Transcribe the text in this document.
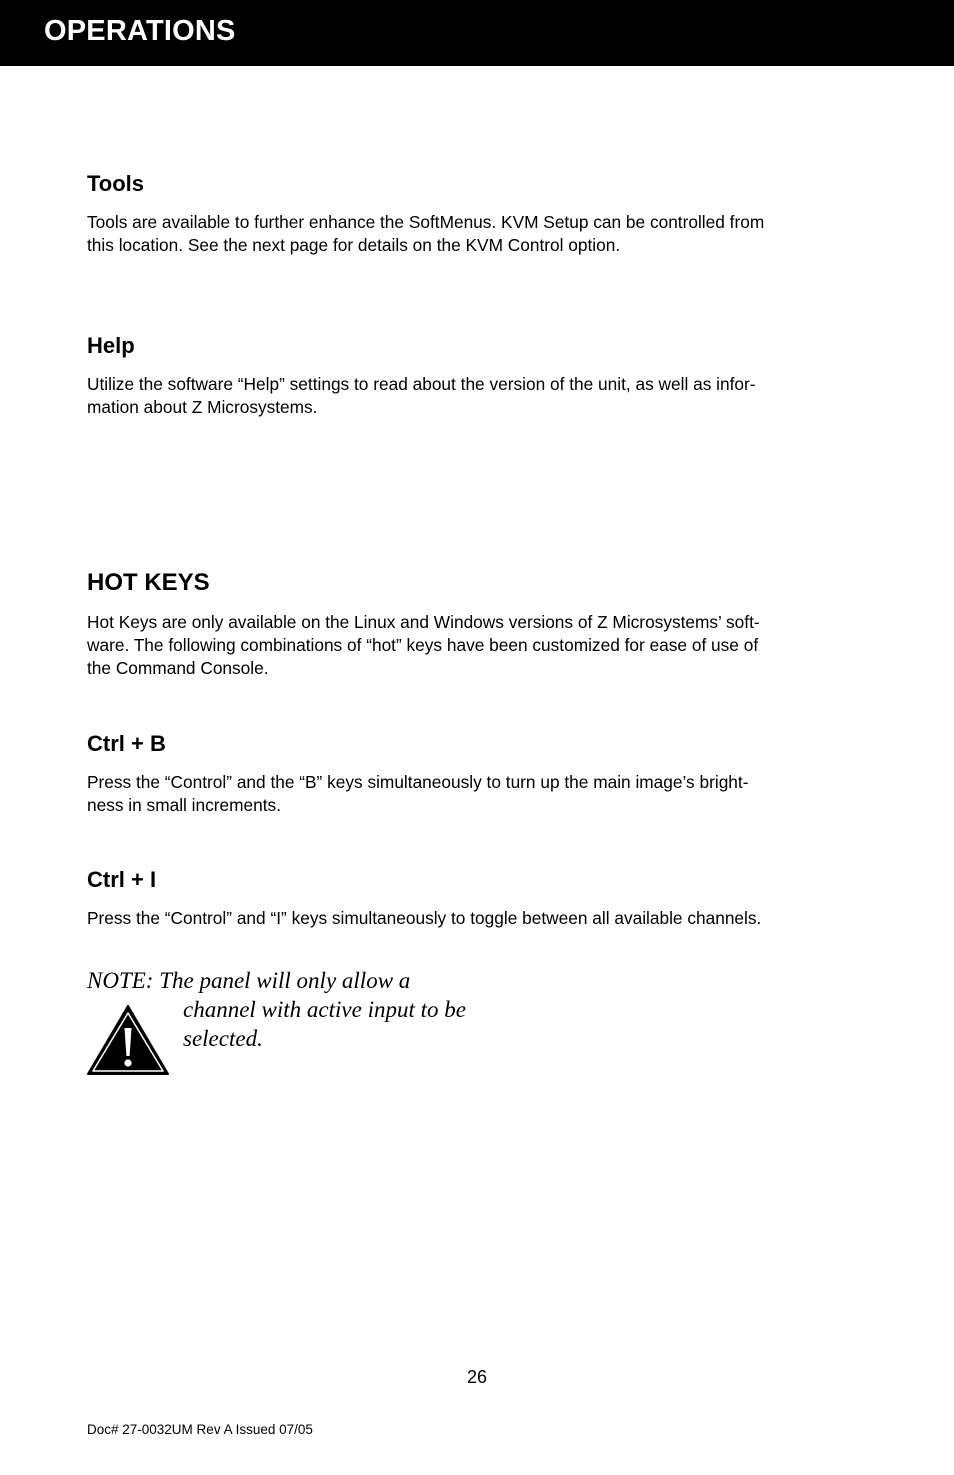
OPERATIONS
Tools
Tools are available to further enhance the SoftMenus. KVM Setup can be controlled from
this location. See the next page for details on the KVM Control option.
Help
Utilize the software “Help” settings to read about the version of the unit, as well as infor-
mation about Z Microsystems.
HOT KEYS
Hot Keys are only available on the Linux and Windows versions of Z Microsystems’ soft-
ware. The following combinations of “hot” keys have been customized for ease of use of
the Command Console.
Ctrl + B
Press the “Control” and the “B” keys simultaneously to turn up the main image’s bright-
ness in small increments.
Ctrl + I
Press the “Control” and “I” keys simultaneously to toggle between all available channels.
NOTE: The panel will only allow a
channel with active input to be
selected.
26
Doc# 27-0032UM Rev A Issued 07/05
